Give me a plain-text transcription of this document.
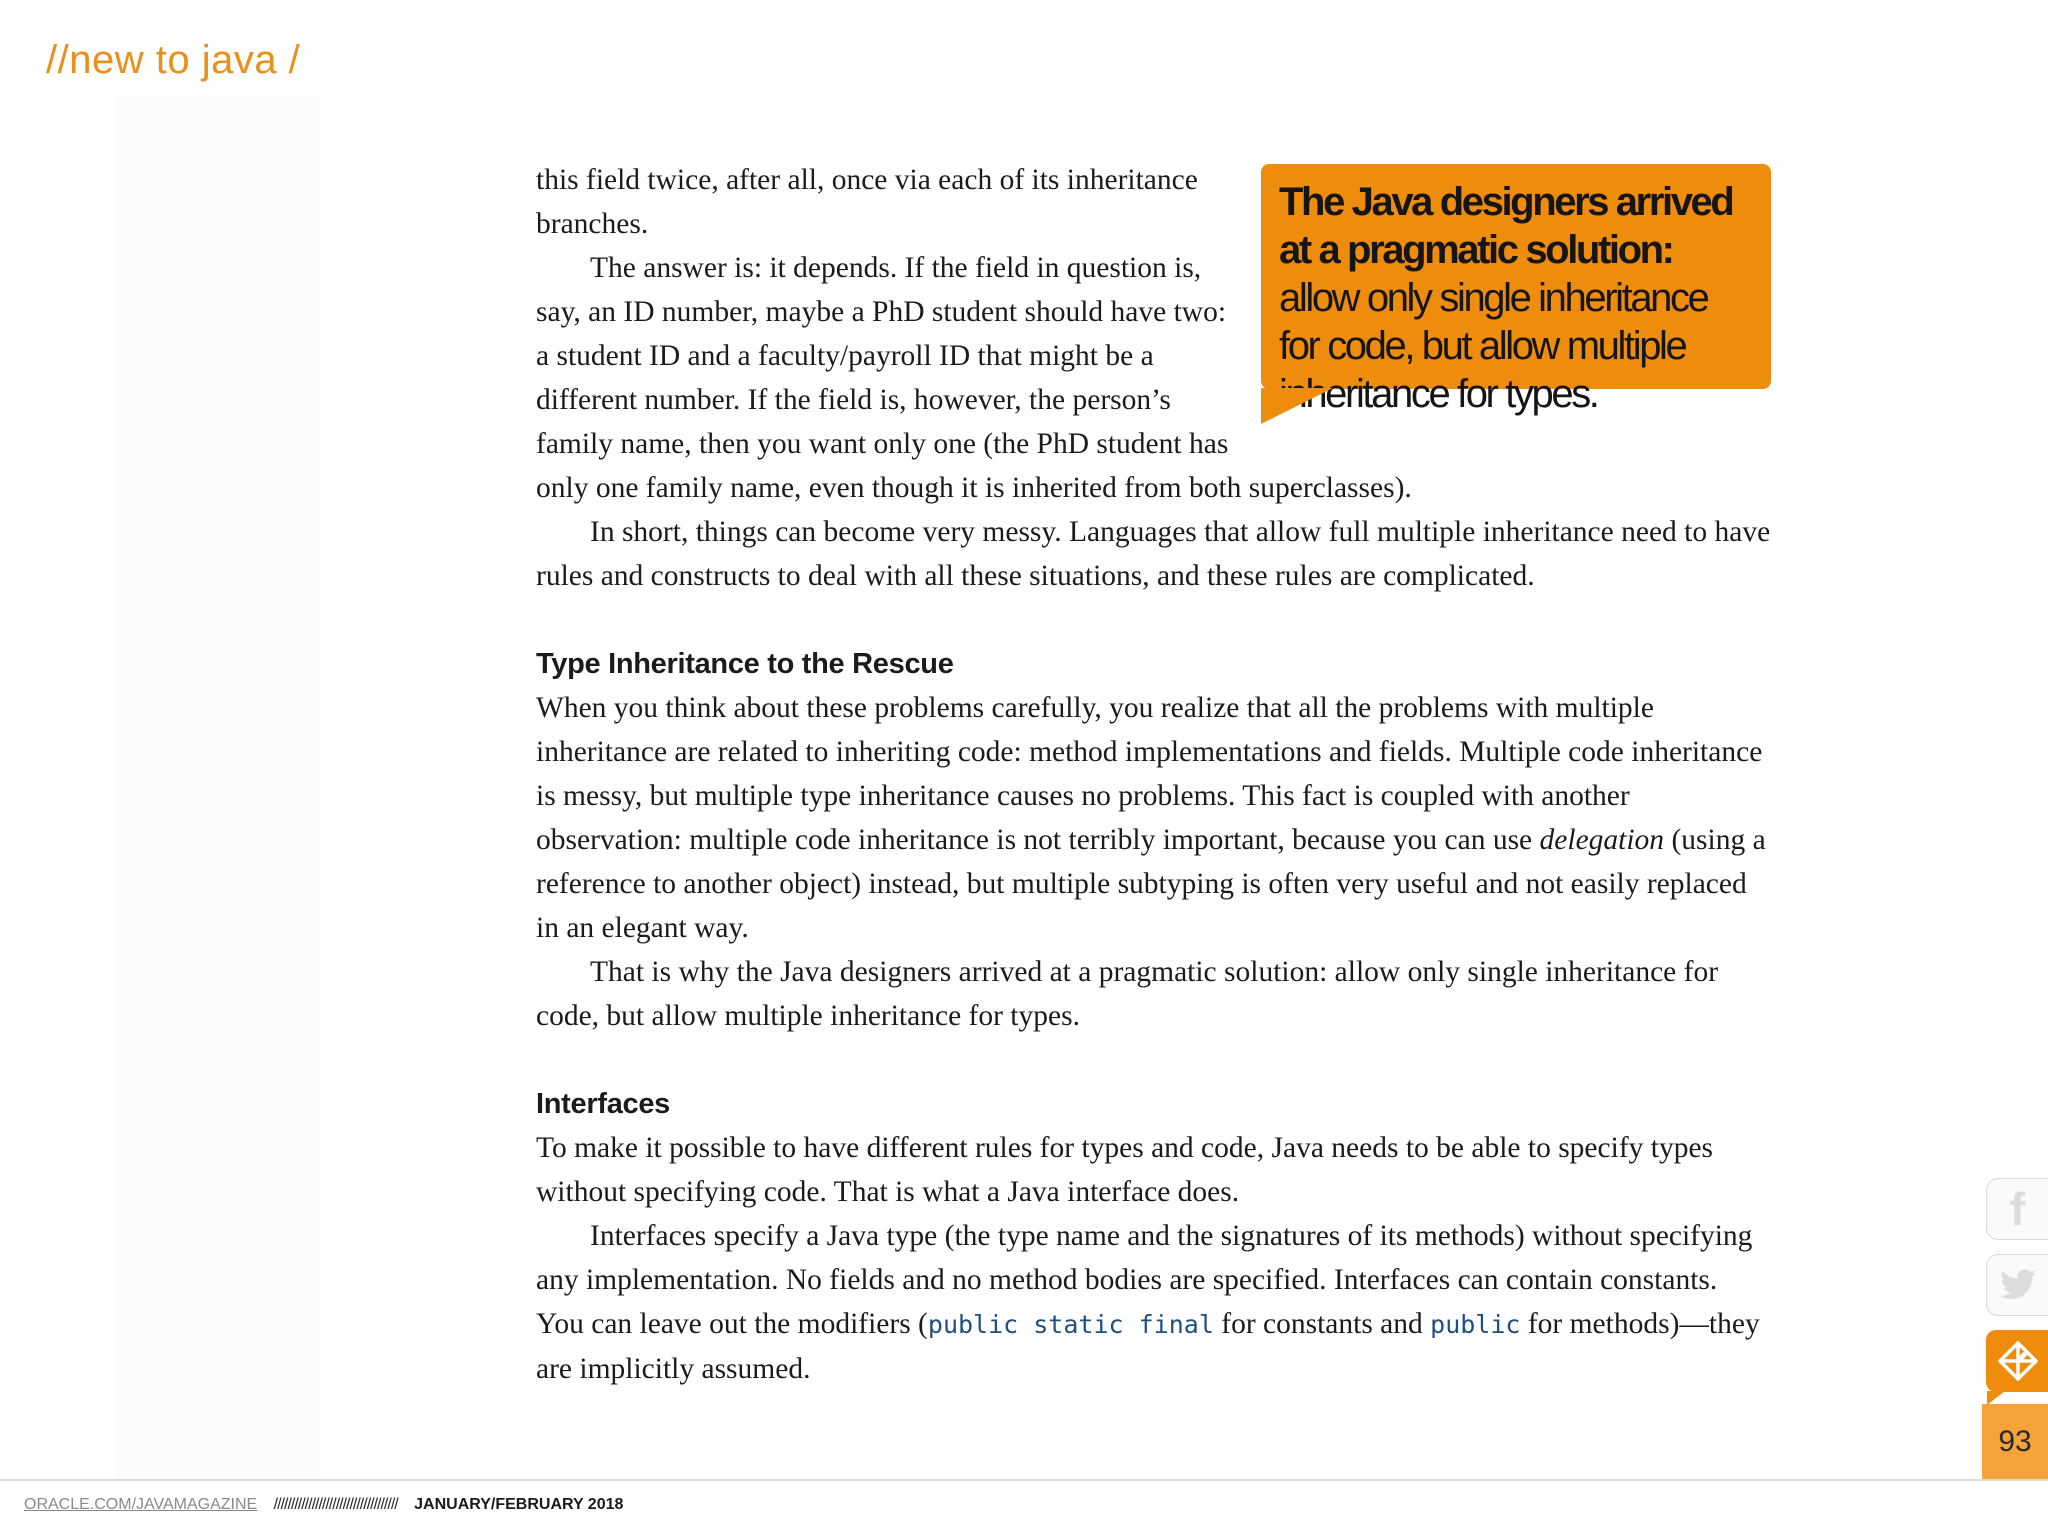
//new to java /
The Java designers arrived at a pragmatic solution: allow only single inheritance for code, but allow multiple inheritance for types.

this field twice, after all, once via each of its inheritance branches.

The answer is: it depends. If the field in question is, say, an ID number, maybe a PhD student should have two: a student ID and a faculty/payroll ID that might be a different number. If the field is, however, the person’s family name, then you want only one (the PhD student has only one family name, even though it is inherited from both superclasses).

In short, things can become very messy. Languages that allow full multiple inheritance need to have rules and constructs to deal with all these situations, and these rules are complicated.

Type Inheritance to the Rescue

When you think about these problems carefully, you realize that all the problems with multiple inheritance are related to inheriting code: method implementations and fields. Multiple code inheritance is messy, but multiple type inheritance causes no problems. This fact is coupled with another observation: multiple code inheritance is not terribly important, because you can use delegation (using a reference to another object) instead, but multiple subtyping is often very useful and not easily replaced in an elegant way.

That is why the Java designers arrived at a pragmatic solution: allow only single inheritance for code, but allow multiple inheritance for types.

Interfaces

To make it possible to have different rules for types and code, Java needs to be able to specify types without specifying code. That is what a Java interface does.

Interfaces specify a Java type (the type name and the signatures of its methods) without specifying any implementation. No fields and no method bodies are specified. Interfaces can contain constants. You can leave out the modifiers (public static final for constants and public for methods)—they are implicitly assumed.

f
93
ORACLE.COM/JAVAMAGAZINE //////////////////////////////////// JANUARY/FEBRUARY 2018
